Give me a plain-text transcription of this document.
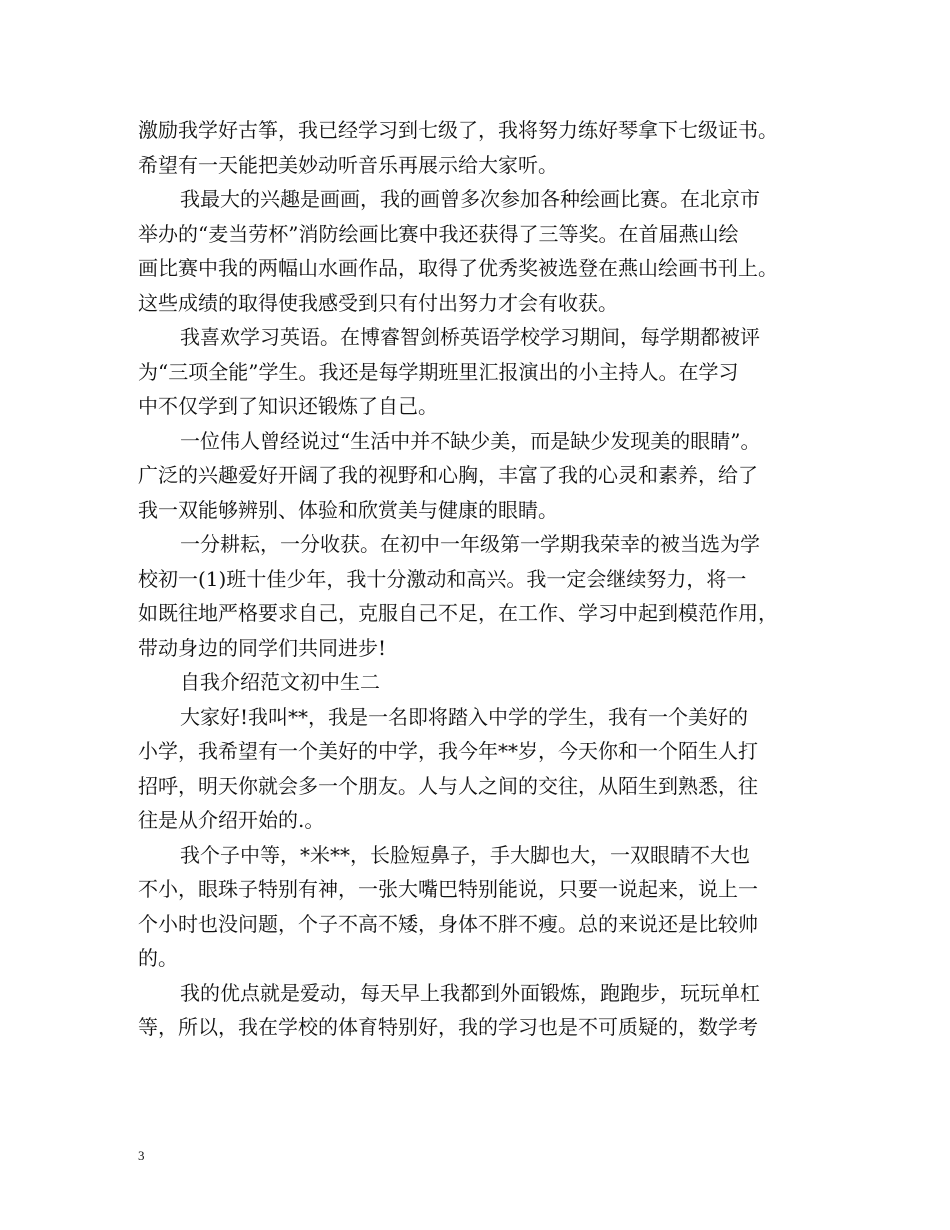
激励我学好古筝，我已经学习到七级了，我将努力练好琴拿下七级证书。
希望有一天能把美妙动听音乐再展示给大家听。
我最大的兴趣是画画，我的画曾多次参加各种绘画比赛。在北京市
举办的“麦当劳杯”消防绘画比赛中我还获得了三等奖。在首届燕山绘
画比赛中我的两幅山水画作品，取得了优秀奖被选登在燕山绘画书刊上。
这些成绩的取得使我感受到只有付出努力才会有收获。
我喜欢学习英语。在博睿智剑桥英语学校学习期间，每学期都被评
为“三项全能”学生。我还是每学期班里汇报演出的小主持人。在学习
中不仅学到了知识还锻炼了自己。
一位伟人曾经说过“生活中并不缺少美，而是缺少发现美的眼睛”。
广泛的兴趣爱好开阔了我的视野和心胸，丰富了我的心灵和素养，给了
我一双能够辨别、体验和欣赏美与健康的眼睛。
一分耕耘，一分收获。在初中一年级第一学期我荣幸的被当选为学
校初一(1)班十佳少年，我十分激动和高兴。我一定会继续努力，将一
如既往地严格要求自己，克服自己不足，在工作、学习中起到模范作用，
带动身边的同学们共同进步!
自我介绍范文初中生二
大家好!我叫**，我是一名即将踏入中学的学生，我有一个美好的
小学，我希望有一个美好的中学，我今年**岁，今天你和一个陌生人打
招呼，明天你就会多一个朋友。人与人之间的交往，从陌生到熟悉，往
往是从介绍开始的.。
我个子中等，*米**，长脸短鼻子，手大脚也大，一双眼睛不大也
不小，眼珠子特别有神，一张大嘴巴特别能说，只要一说起来，说上一
个小时也没问题，个子不高不矮，身体不胖不瘦。总的来说还是比较帅
的。
我的优点就是爱动，每天早上我都到外面锻炼，跑跑步，玩玩单杠
等，所以，我在学校的体育特别好，我的学习也是不可质疑的，数学考
3
